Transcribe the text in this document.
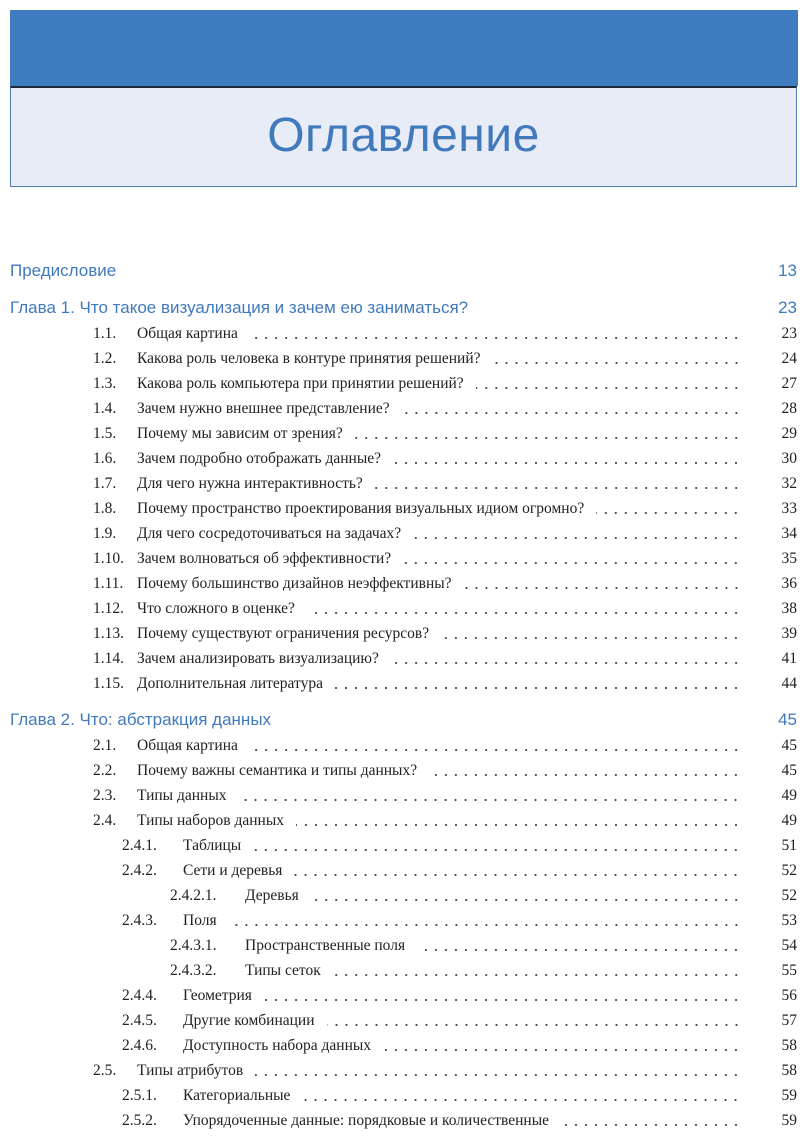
Оглавление
Предисловие	13
Глава 1. Что такое визуализация и зачем ею заниматься?	23
1.1.	Общая картина	23
1.2.	Какова роль человека в контуре принятия решений?	24
1.3.	Какова роль компьютера при принятии решений?	27
1.4.	Зачем нужно внешнее представление?	28
1.5.	Почему мы зависим от зрения?	29
1.6.	Зачем подробно отображать данные?	30
1.7.	Для чего нужна интерактивность?	32
1.8.	Почему пространство проектирования визуальных идиом огромно?	33
1.9.	Для чего сосредоточиваться на задачах?	34
1.10. Зачем волноваться об эффективности?	35
1.11. Почему большинство дизайнов неэффективны?	36
1.12. Что сложного в оценке?	38
1.13. Почему существуют ограничения ресурсов?	39
1.14. Зачем анализировать визуализацию?	41
1.15. Дополнительная литература	44
Глава 2. Что: абстракция данных	45
2.1.	Общая картина	45
2.2.	Почему важны семантика и типы данных?	45
2.3.	Типы данных	49
2.4.	Типы наборов данных	49
2.4.1.	Таблицы	51
2.4.2.	Сети и деревья	52
2.4.2.1.	Деревья	52
2.4.3.	Поля	53
2.4.3.1.	Пространственные поля	54
2.4.3.2.	Типы сеток	55
2.4.4.	Геометрия	56
2.4.5.	Другие комбинации	57
2.4.6.	Доступность набора данных	58
2.5.	Типы атрибутов	58
2.5.1.	Категориальные	59
2.5.2.	Упорядоченные данные: порядковые и количественные	59
